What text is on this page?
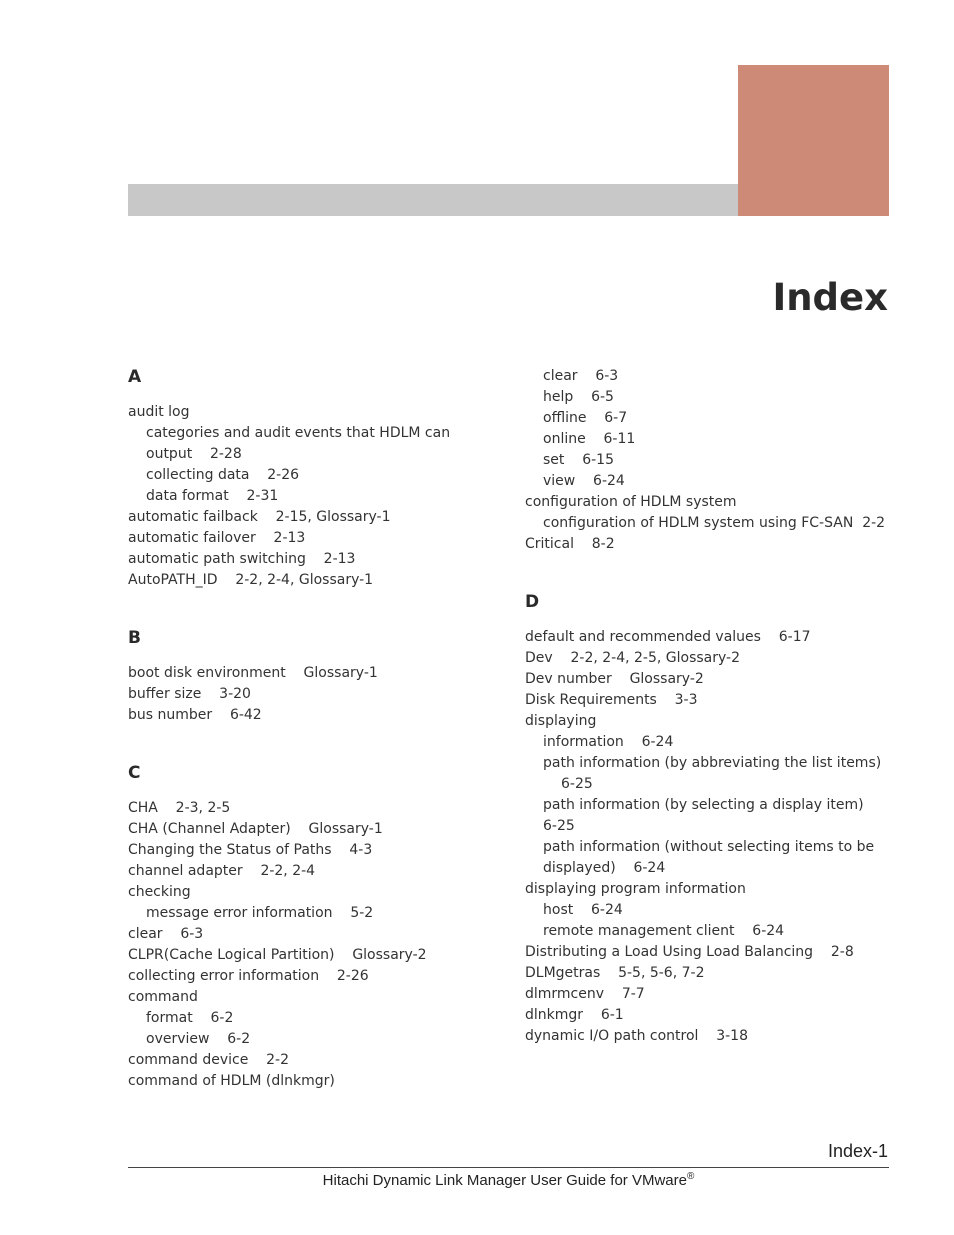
Index
A
audit log
categories and audit events that HDLM can
output    2-28
collecting data    2-26
data format    2-31
automatic failback    2-15, Glossary-1
automatic failover    2-13
automatic path switching    2-13
AutoPATH_ID    2-2, 2-4, Glossary-1
B
boot disk environment    Glossary-1
buffer size    3-20
bus number    6-42
C
CHA    2-3, 2-5
CHA (Channel Adapter)    Glossary-1
Changing the Status of Paths    4-3
channel adapter    2-2, 2-4
checking
message error information    5-2
clear    6-3
CLPR(Cache Logical Partition)    Glossary-2
collecting error information    2-26
command
format    6-2
overview    6-2
command device    2-2
command of HDLM (dlnkmgr)
clear    6-3
help    6-5
offline    6-7
online    6-11
set    6-15
view    6-24
configuration of HDLM system
configuration of HDLM system using FC-SAN  2-2
Critical    8-2
D
default and recommended values    6-17
Dev    2-2, 2-4, 2-5, Glossary-2
Dev number    Glossary-2
Disk Requirements    3-3
displaying
information    6-24
path information (by abbreviating the list items)
6-25
path information (by selecting a display item)
6-25
path information (without selecting items to be
displayed)    6-24
displaying program information
host    6-24
remote management client    6-24
Distributing a Load Using Load Balancing    2-8
DLMgetras    5-5, 5-6, 7-2
dlmrmcenv    7-7
dlnkmgr    6-1
dynamic I/O path control    3-18
Index-1
Hitachi Dynamic Link Manager User Guide for VMware®
